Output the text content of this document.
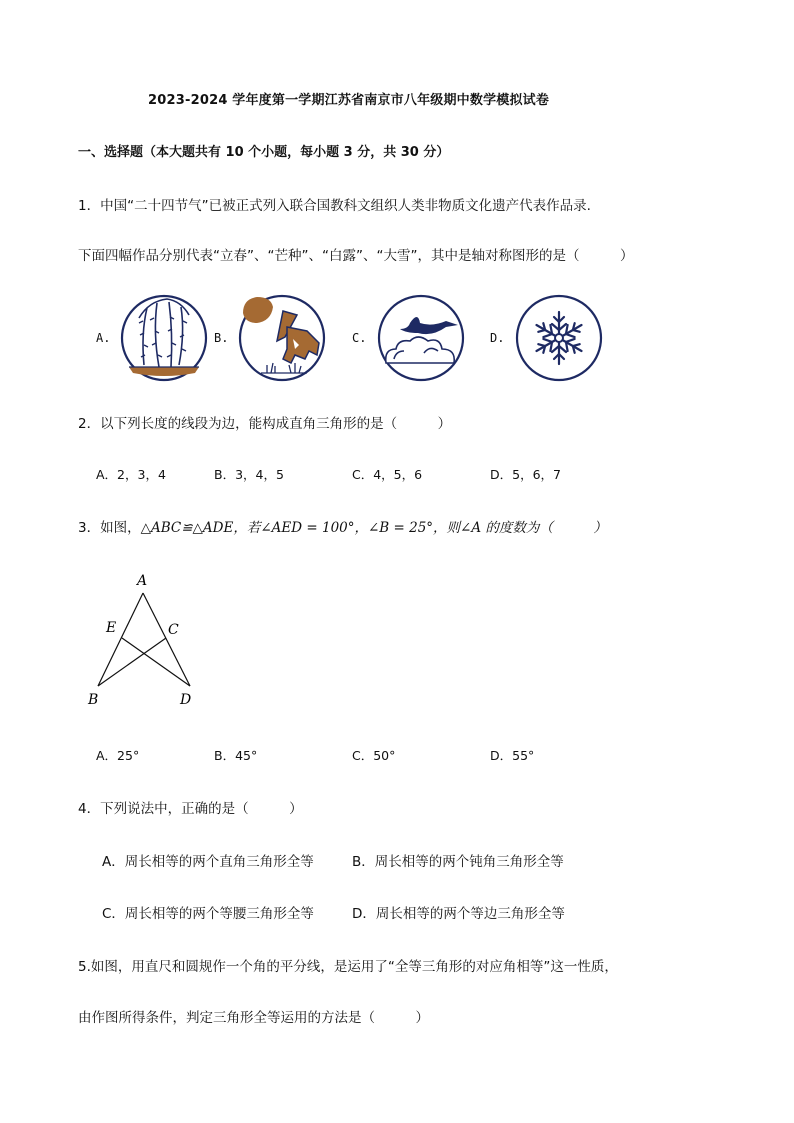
2023-2024 学年度第一学期江苏省南京市八年级期中数学模拟试卷
一、选择题（本大题共有 10 个小题，每小题 3 分，共 30 分）
1．中国“二十四节气”已被正式列入联合国教科文组织人类非物质文化遗产代表作品录.
下面四幅作品分别代表“立春”、“芒种”、“白露”、“大雪”，其中是轴对称图形的是（　　　）
A.	B.	C.	D.
2．以下列长度的线段为边，能构成直角三角形的是（　　　）
A．2，3，4	B．3，4，5	C．4，5，6	D．5，6，7
3．如图，△ABC≌△ADE，若∠AED = 100°，∠B = 25°，则∠A 的度数为（　　　）
A
E	C
B	D
A．25°	B．45°	C．50°	D．55°
4．下列说法中，正确的是（　　　）
A．周长相等的两个直角三角形全等	B．周长相等的两个钝角三角形全等
C．周长相等的两个等腰三角形全等	D．周长相等的两个等边三角形全等
5.如图，用直尺和圆规作一个角的平分线，是运用了“全等三角形的对应角相等”这一性质，
由作图所得条件，判定三角形全等运用的方法是（　　　）
